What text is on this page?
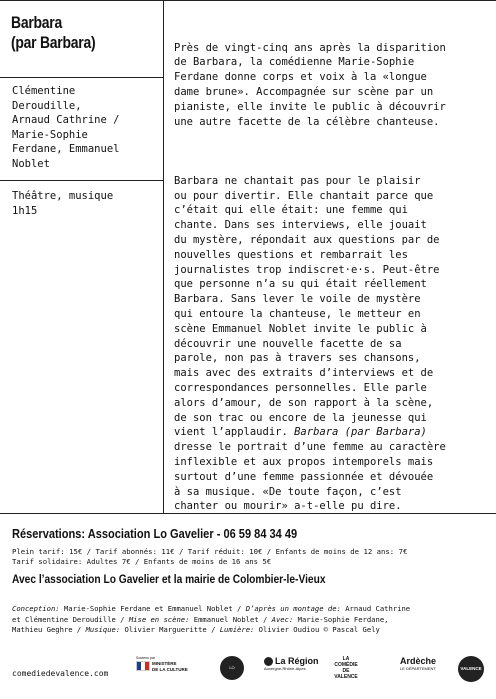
Barbara
(par Barbara)
Clémentine
Deroudille,
Arnaud Cathrine /
Marie-Sophie
Ferdane, Emmanuel
Noblet
Théâtre, musique
1h15

Près de vingt-cinq ans après la disparition
de Barbara, la comédienne Marie-Sophie
Ferdane donne corps et voix à la «longue
dame brune». Accompagnée sur scène par un
pianiste, elle invite le public à découvrir
une autre facette de la célèbre chanteuse.

Barbara ne chantait pas pour le plaisir
ou pour divertir. Elle chantait parce que
c’était qui elle était: une femme qui
chante. Dans ses interviews, elle jouait
du mystère, répondait aux questions par de
nouvelles questions et rembarrait les
journalistes trop indiscret·e·s. Peut-être
que personne n’a su qui était réellement
Barbara. Sans lever le voile de mystère
qui entoure la chanteuse, le metteur en
scène Emmanuel Noblet invite le public à
découvrir une nouvelle facette de sa
parole, non pas à travers ses chansons,
mais avec des extraits d’interviews et de
correspondances personnelles. Elle parle
alors d’amour, de son rapport à la scène,
de son trac ou encore de la jeunesse qui
vient l’applaudir. Barbara (par Barbara)
dresse le portrait d’une femme au caractère
inflexible et aux propos intemporels mais
surtout d’une femme passionnée et dévouée
à sa musique. «De toute façon, c’est
chanter ou mourir» a-t-elle pu dire.

Réservations: Association Lo Gavelier - 06 59 84 34 49
Plein tarif: 15€ / Tarif abonnés: 11€ / Tarif réduit: 10€ / Enfants de moins de 12 ans: 7€
Tarif solidaire: Adultes 7€ / Enfants de moins de 16 ans 5€
Avec l’association Lo Gavelier et la mairie de Colombier-le-Vieux
Conception: Marie-Sophie Ferdane et Emmanuel Noblet / D’après un montage de: Arnaud Cathrine
et Clémentine Deroudille / Mise en scène: Emmanuel Noblet / Avec: Marie-Sophie Ferdane,
Mathieu Geghre / Musique: Olivier Margueritte / Lumière: Olivier Oudiou © Pascal Gely
comediedevalence.com
Soutenu par
MINISTÈRE
DE LA CULTURE	LO GAVELIER
La Région
Auvergne-Rhône-Alpes
LA
COMÉDIE
DE
VALENCE
Ardèche
LE DÉPARTEMENT	VALENCE
